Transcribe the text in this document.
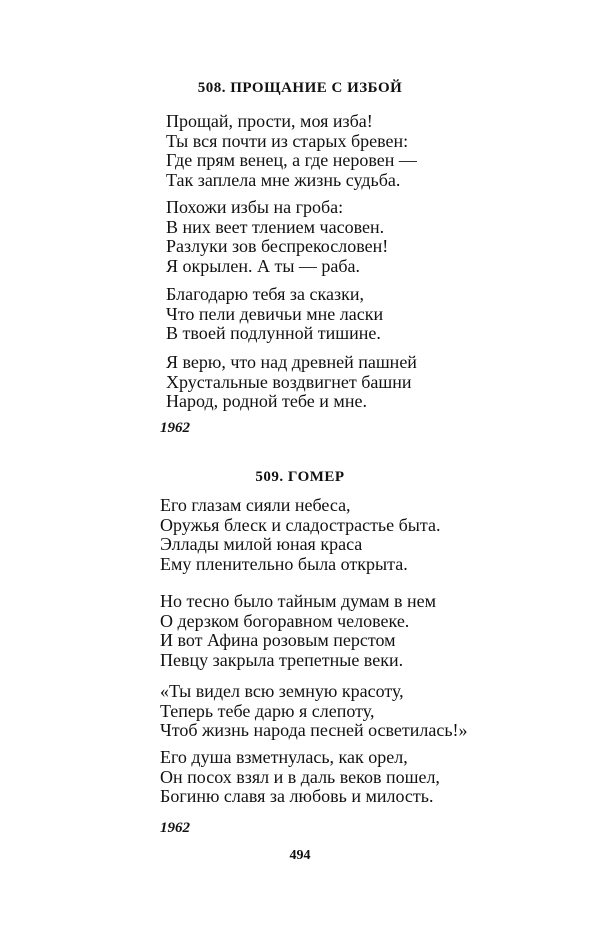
508. ПРОЩАНИЕ С ИЗБОЙ
Прощай, прости, моя изба!
Ты вся почти из старых бревен:
Где прям венец, а где неровен —
Так заплела мне жизнь судьба.
Похожи избы на гроба:
В них веет тлением часовен.
Разлуки зов беспрекословен!
Я окрылен. А ты — раба.
Благодарю тебя за сказки,
Что пели девичьи мне ласки
В твоей подлунной тишине.
Я верю, что над древней пашней
Хрустальные воздвигнет башни
Народ, родной тебе и мне.
1962
509. ГОМЕР
Его глазам сияли небеса,
Оружья блеск и сладострастье быта.
Эллады милой юная краса
Ему пленительно была открыта.
Но тесно было тайным думам в нем
О дерзком богоравном человеке.
И вот Афина розовым перстом
Певцу закрыла трепетные веки.
«Ты видел всю земную красоту,
Теперь тебе дарю я слепоту,
Чтоб жизнь народа песней осветилась!»
Его душа взметнулась, как орел,
Он посох взял и в даль веков пошел,
Богиню славя за любовь и милость.
1962
494
